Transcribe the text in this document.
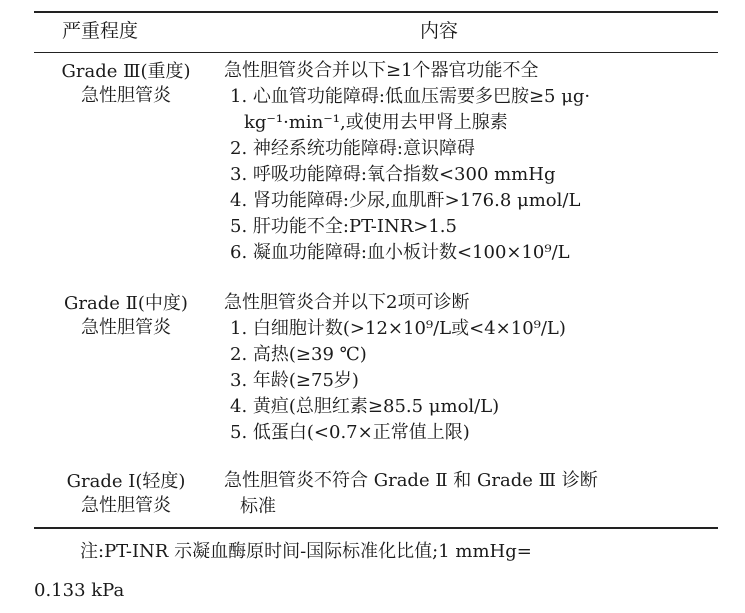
严重程度	内容
Grade Ⅲ(重度)
急性胆管炎
急性胆管炎合并以下≥1个器官功能不全
1. 心血管功能障碍:低血压需要多巴胺≥5 μg·
kg⁻¹·min⁻¹,或使用去甲肾上腺素
2. 神经系统功能障碍:意识障碍
3. 呼吸功能障碍:氧合指数<300 mmHg
4. 肾功能障碍:少尿,血肌酐>176.8 μmol/L
5. 肝功能不全:PT-INR>1.5
6. 凝血功能障碍:血小板计数<100×10⁹/L
Grade Ⅱ(中度)
急性胆管炎
急性胆管炎合并以下2项可诊断
1. 白细胞计数(>12×10⁹/L或<4×10⁹/L)
2. 高热(≥39 ℃)
3. 年龄(≥75岁)
4. 黄疸(总胆红素≥85.5 μmol/L)
5. 低蛋白(<0.7×正常值上限)
Grade Ⅰ(轻度)
急性胆管炎
急性胆管炎不符合 Grade Ⅱ 和 Grade Ⅲ 诊断
标准
注:PT-INR 示凝血酶原时间-国际标准化比值;1 mmHg=
0.133 kPa
